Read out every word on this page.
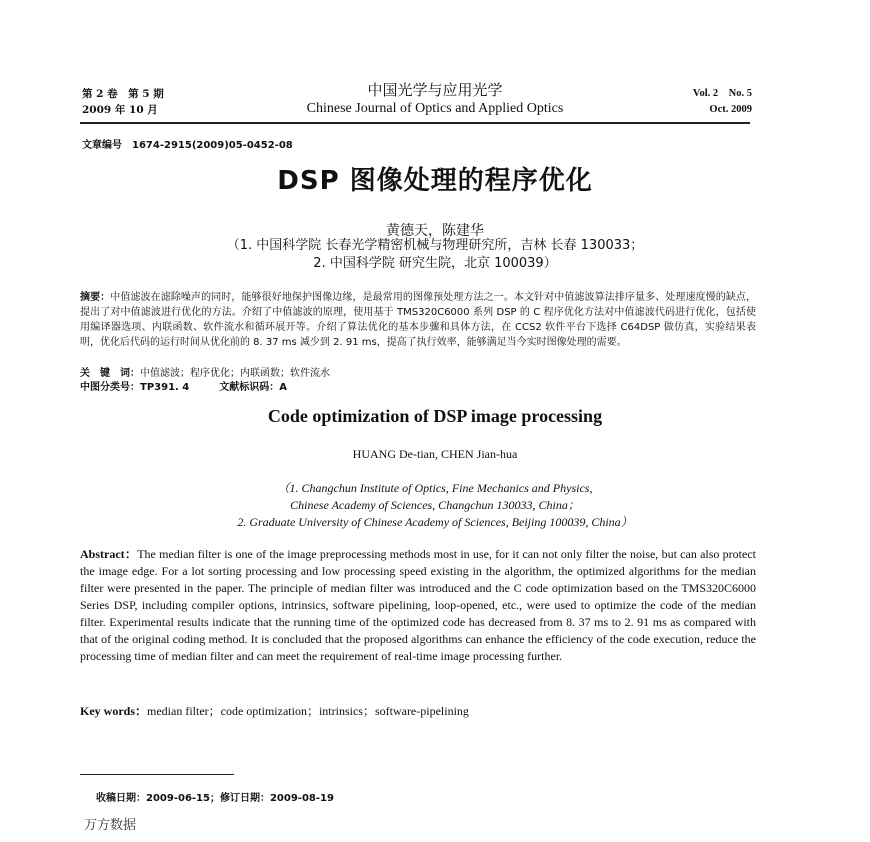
第 2 卷　第 5 期
2009 年 10 月
中国光学与应用光学
Chinese Journal of Optics and Applied Optics
Vol. 2　No. 5
Oct. 2009
文章编号　1674-2915(2009)05-0452-08
DSP 图像处理的程序优化
黄德天，陈建华
（1. 中国科学院 长春光学精密机械与物理研究所，吉林 长春 130033；
2. 中国科学院 研究生院，北京 100039）
摘要：中值滤波在滤除噪声的同时，能够很好地保护图像边缘，是最常用的图像预处理方法之一。本文针对中值滤波算法排序量多、处理速度慢的缺点，提出了对中值滤波进行优化的方法。介绍了中值滤波的原理，使用基于 TMS320C6000 系列 DSP 的 C 程序优化方法对中值滤波代码进行优化，包括使用编译器选项、内联函数、软件流水和循环展开等。介绍了算法优化的基本步骤和具体方法，在 CCS2 软件平台下选择 C64DSP 做仿真，实验结果表明，优化后代码的运行时间从优化前的 8. 37 ms 减少到 2. 91 ms，提高了执行效率，能够满足当今实时图像处理的需要。
关　键　词：中值滤波；程序优化；内联函数；软件流水
中图分类号：TP391. 4　　　文献标识码：A
Code optimization of DSP image processing
HUANG De-tian, CHEN Jian-hua
（1. Changchun Institute of Optics, Fine Mechanics and Physics,
Chinese Academy of Sciences, Changchun 130033, China；
2. Graduate University of Chinese Academy of Sciences, Beijing 100039, China）
Abstract：The median filter is one of the image preprocessing methods most in use, for it can not only filter the noise, but can also protect the image edge. For a lot sorting processing and low processing speed existing in the algorithm, the optimized algorithms for the median filter were presented in the paper. The principle of median filter was introduced and the C code optimization based on the TMS320C6000 Series DSP, including compiler options, intrinsics, software pipelining, loop-opened, etc., were used to optimize the code of the median filter. Experimental results indicate that the running time of the optimized code has decreased from 8. 37 ms to 2. 91 ms as compared with that of the original coding method. It is concluded that the proposed algorithms can enhance the efficiency of the code execution, reduce the processing time of median filter and can meet the requirement of real-time image processing further.
Key words：median filter；code optimization；intrinsics；software-pipelining
收稿日期：2009-06-15；修订日期：2009-08-19
万方数据
